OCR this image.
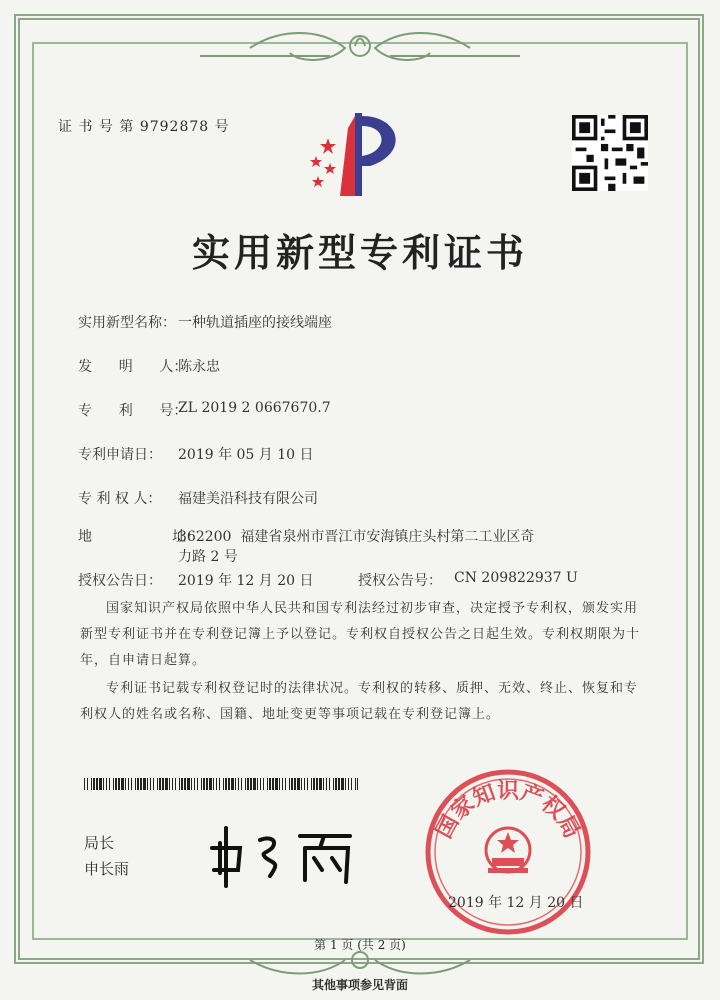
证 书 号 第 9792878 号
实用新型专利证书
实用新型名称： 一种轨道插座的接线端座
发      明      人：
陈永忠
专      利      号：
ZL 2019 2 0667670.7
专利申请日： 2019 年 05 月 10 日
专 利 权 人： 福建美沿科技有限公司
地                  址：
362200  福建省泉州市晋江市安海镇庄头村第二工业区奇
力路 2 号
授权公告日： 2019 年 12 月 20 日	授权公告号： CN 209822937 U
国家知识产权局依照中华人民共和国专利法经过初步审查，决定授予专利权，颁发实用新型专利证书并在专利登记簿上予以登记。专利权自授权公告之日起生效。专利权期限为十年，自申请日起算。
专利证书记载专利权登记时的法律状况。专利权的转移、质押、无效、终止、恢复和专利权人的姓名或名称、国籍、地址变更等事项记载在专利登记簿上。
局长
申长雨
国家知识产权局
2019 年 12 月 20 日
第 1 页 (共 2 页)
其他事项参见背面
